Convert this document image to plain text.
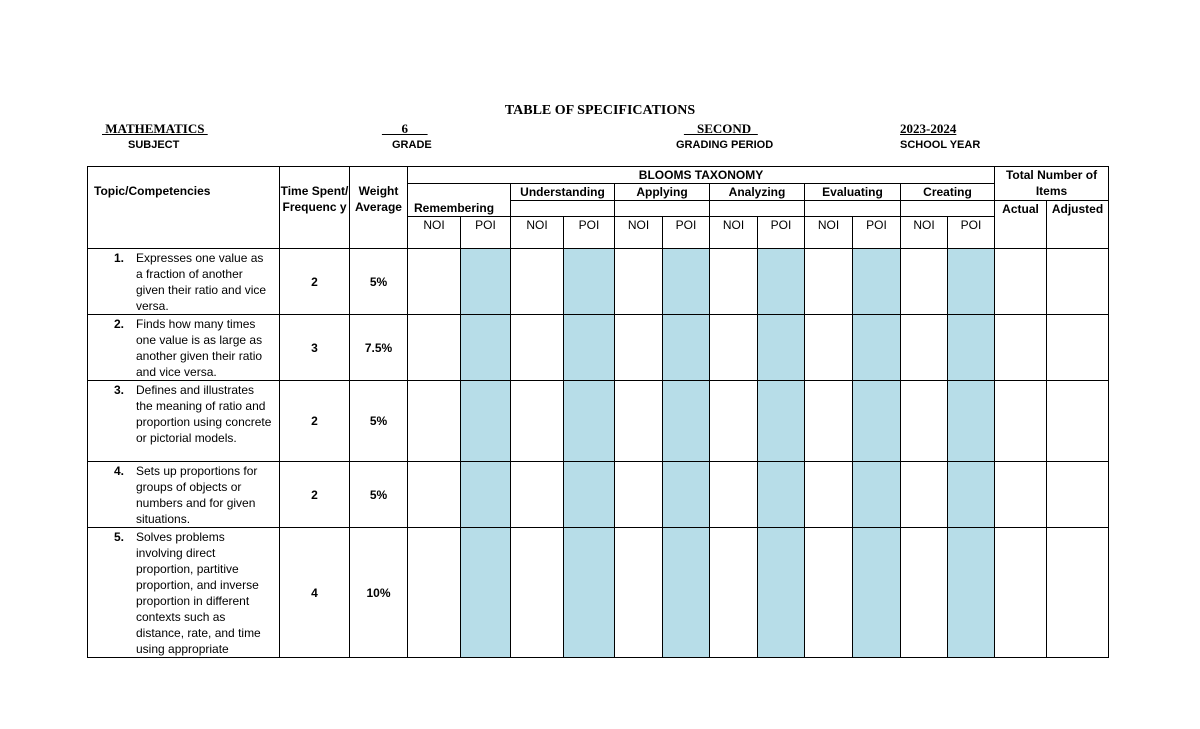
TABLE OF SPECIFICATIONS
MATHEMATICS
SUBJECT
___6___
GRADE
__SECOND_
GRADING PERIOD
2023-2024
SCHOOL YEAR
Topic/Competencies	Time Spent/ Frequenc y	Weight Average	BLOOMS TAXONOMY												Total Number of Items	
			Remembering		Understanding		Applying		Analyzing		Evaluating		Creating			
															Actual	Adjusted
			NOI	POI	NOI	POI	NOI	POI	NOI	POI	NOI	POI	NOI	POI		

1. Expresses one value as a fraction of another given their ratio and vice versa.	2	5%														

2. Finds how many times one value is as large as another given their ratio and vice versa.	3	7.5%														

3. Defines and illustrates the meaning of ratio and proportion using concrete or pictorial models.	2	5%														

4. Sets up proportions for groups of objects or numbers and for given situations.	2	5%														

5. Solves problems involving direct proportion, partitive proportion, and inverse proportion in different contexts such as distance, rate, and time using appropriate	4	10%														
